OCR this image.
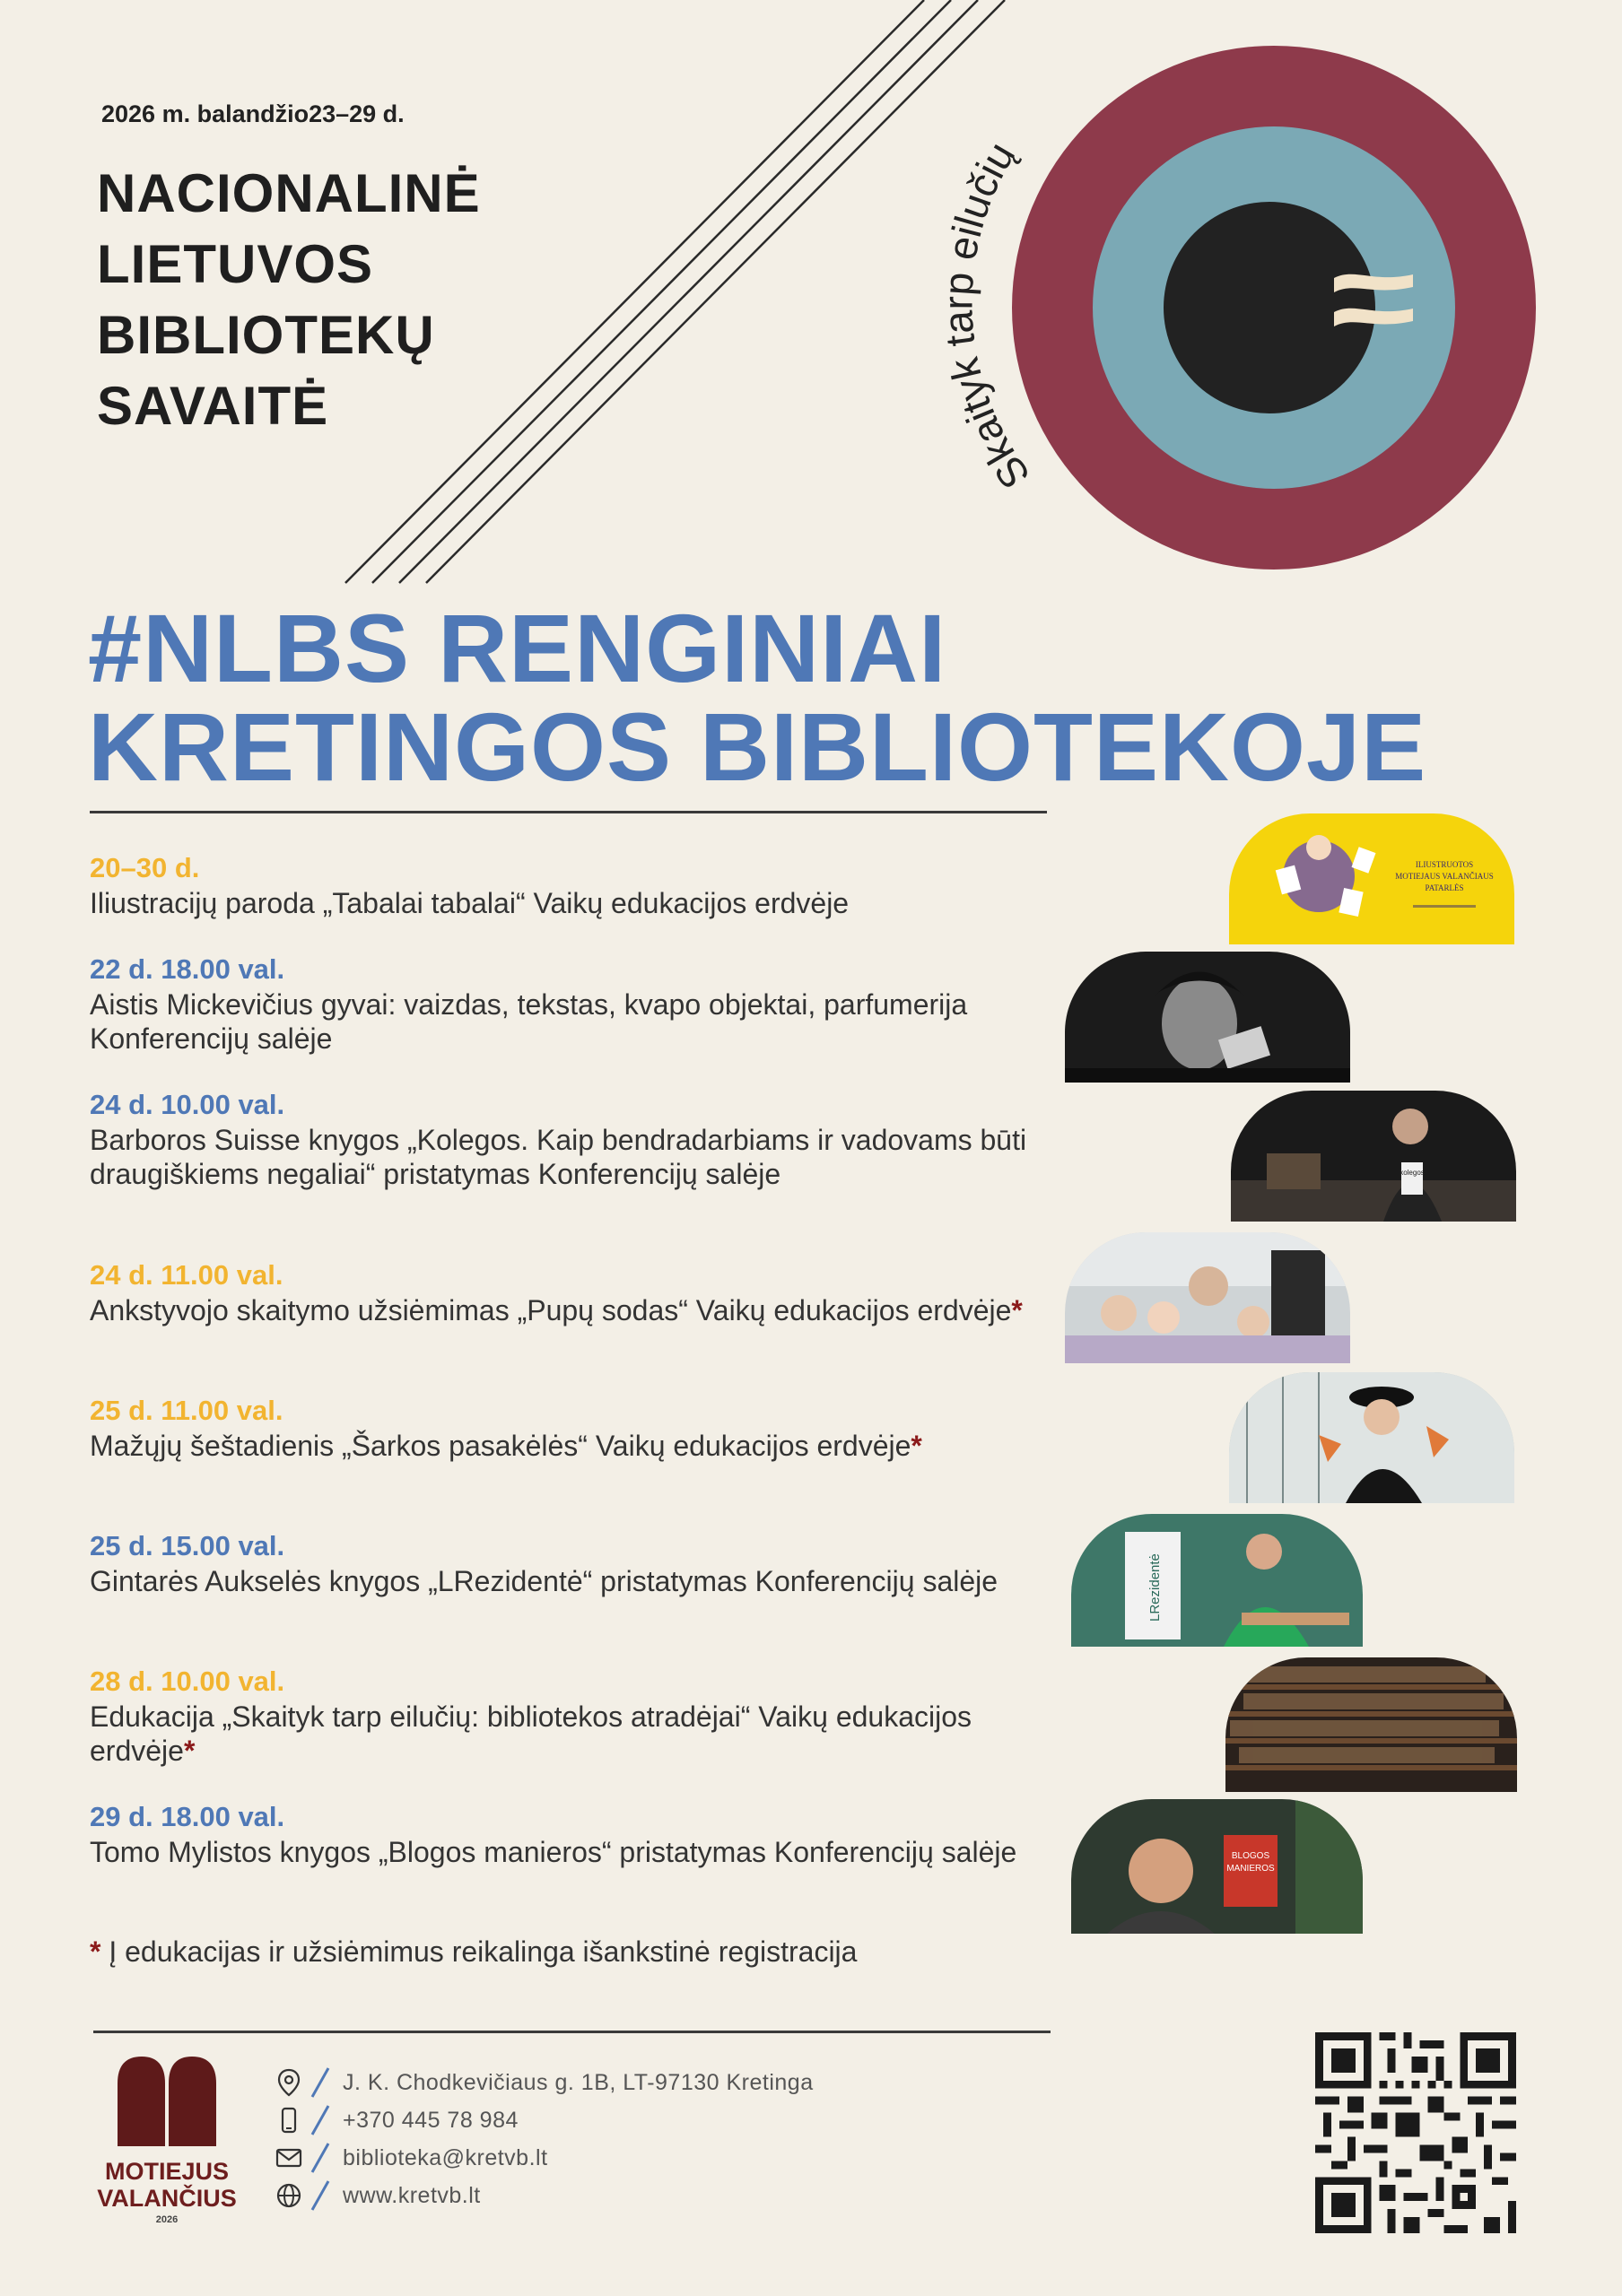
2026 m. balandžio23–29 d.
NACIONALINĖ
LIETUVOS
BIBLIOTEKŲ
SAVAITĖ
Skaityk tarp eilučių
#NLBS RENGINIAI
KRETINGOS BIBLIOTEKOJE
20–30 d.
Iliustracijų paroda „Tabalai tabalai“ Vaikų edukacijos erdvėje
22 d. 18.00 val.
Aistis Mickevičius gyvai: vaizdas, tekstas, kvapo objektai, parfumerija Konferencijų salėje
24 d. 10.00 val.
Barboros Suisse knygos „Kolegos. Kaip bendradarbiams ir vadovams būti draugiškiems negaliai“ pristatymas Konferencijų salėje
24 d. 11.00 val.
Ankstyvojo skaitymo užsiėmimas „Pupų sodas“ Vaikų edukacijos erdvėje*
25 d. 11.00 val.
Mažųjų šeštadienis „Šarkos pasakėlės“ Vaikų edukacijos erdvėje*
25 d. 15.00 val.
Gintarės Aukselės knygos „LRezidentė“ pristatymas Konferencijų salėje
28 d. 10.00 val.
Edukacija „Skaityk tarp eilučių: bibliotekos atradėjai“ Vaikų edukacijos erdvėje*
29 d. 18.00 val.
Tomo Mylistos knygos „Blogos manieros“ pristatymas Konferencijų salėje
ILIUSTRUOTOS
MOTIEJAUS VALANČIAUS
PATARLĖS
kolegos
LRezidentė
BLOGOS
MANIEROS
* Į edukacijas ir užsiėmimus reikalinga išankstinė registracija
MOTIEJUS
VALANČIUS
2026
J. K. Chodkevičiaus g. 1B, LT-97130 Kretinga
+370 445 78 984
biblioteka@kretvb.lt
www.kretvb.lt
